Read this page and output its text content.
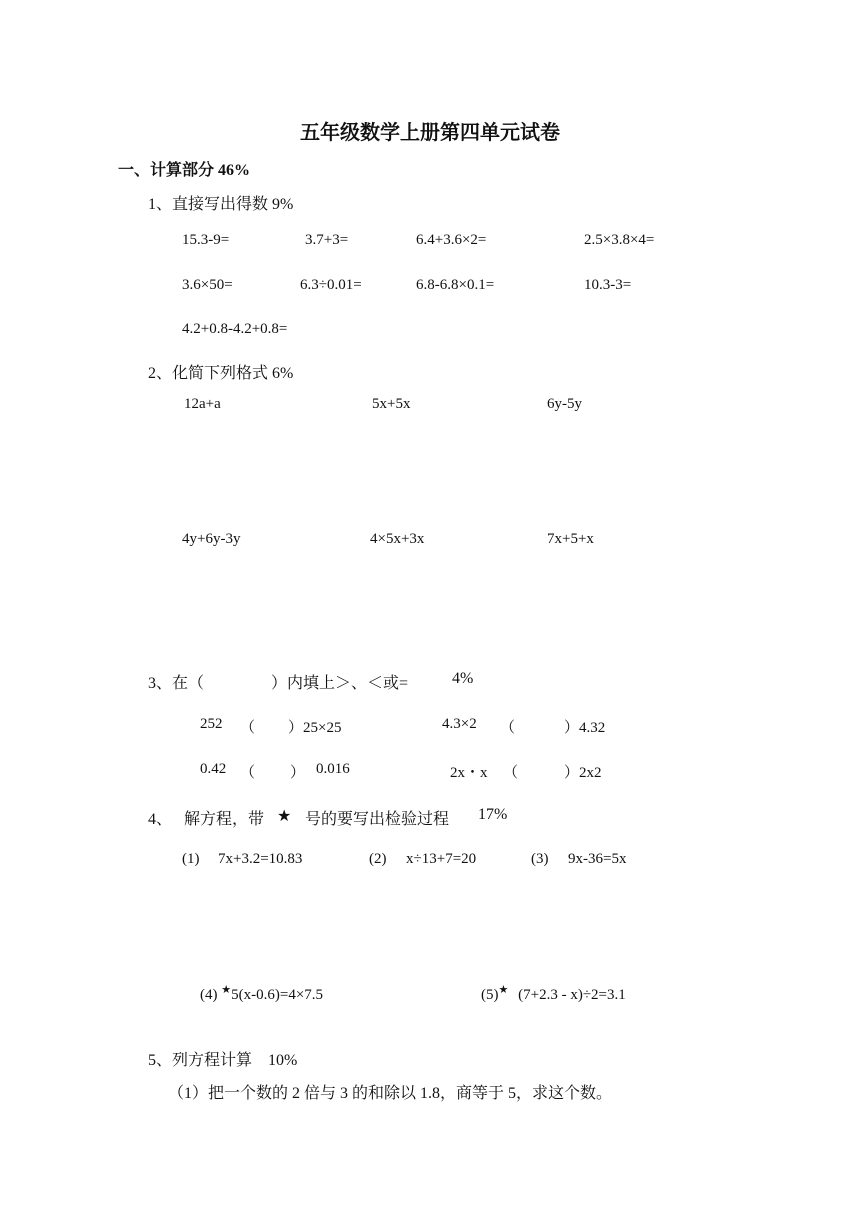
五年级数学上册第四单元试卷
一、计算部分 46%
1、直接写出得数 9%
15.3-9=	3.7+3=	6.4+3.6×2=	2.5×3.8×4=
3.6×50=	6.3÷0.01=	6.8-6.8×0.1=	10.3-3=
4.2+0.8-4.2+0.8=
2、化简下列格式 6%
12a+a	5x+5x	6y-5y
4y+6y-3y	4×5x+3x	7x+5+x
3、在（	）内填上＞、＜或=	4%
252 （ ）25×25	4.3×2 （	）4.32
0.42 （ ） 0.016	2x・x （	）2x2
4、 解方程，带 ★ 号的要写出检验过程 17%
(1) 7x+3.2=10.83	(2) x÷13+7=20	(3) 9x-36=5x
(4) ★5(x-0.6)=4×7.5	(5)★ (7+2.3 - x)÷2=3.1
5、列方程计算　10%
（1）把一个数的 2 倍与 3 的和除以 1.8，商等于 5，求这个数。
